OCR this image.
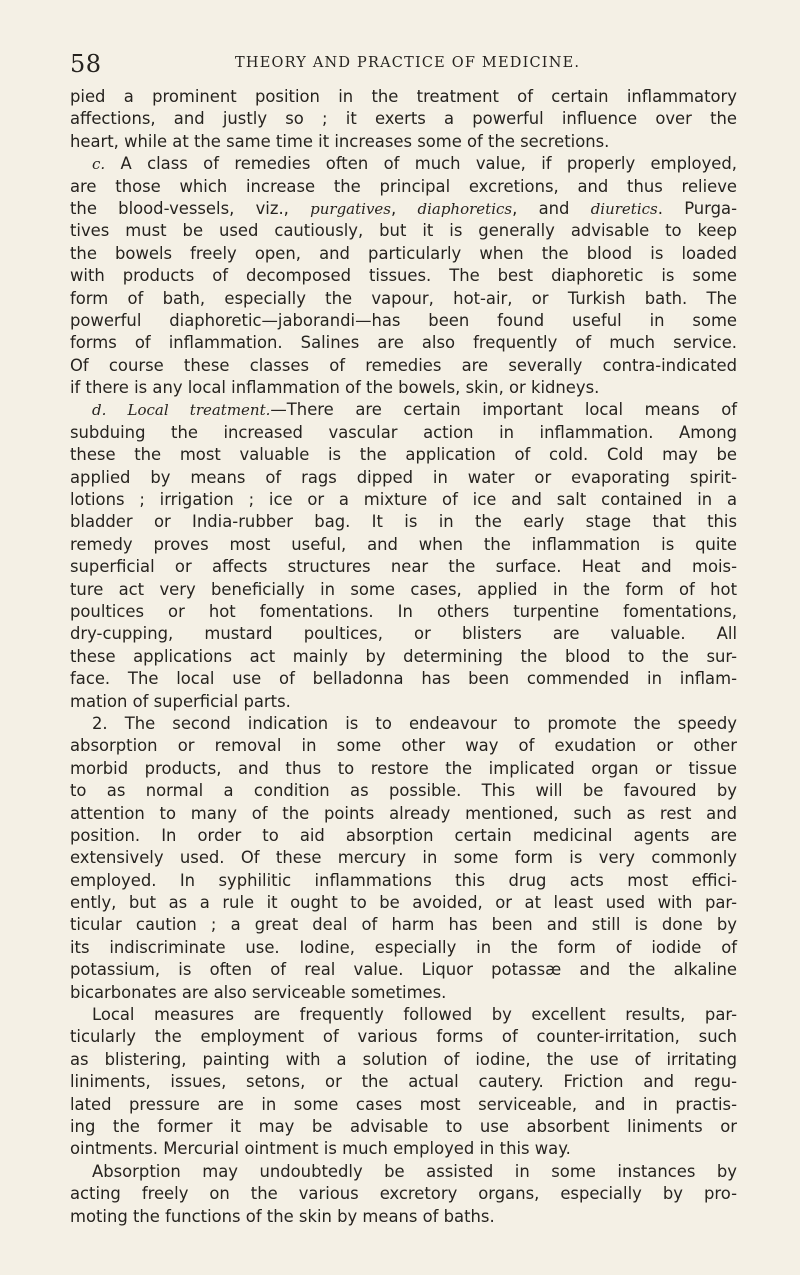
58	THEORY AND PRACTICE OF MEDICINE.
pied a prominent position in the treatment of certain inflammatory
affections, and justly so ; it exerts a powerful influence over the
heart, while at the same time it increases some of the secretions.
c. A class of remedies often of much value, if properly employed,
are those which increase the principal excretions, and thus relieve
the blood-vessels, viz., purgatives, diaphoretics, and diuretics. Purga-
tives must be used cautiously, but it is generally advisable to keep
the bowels freely open, and particularly when the blood is loaded
with products of decomposed tissues. The best diaphoretic is some
form of bath, especially the vapour, hot-air, or Turkish bath. The
powerful diaphoretic—jaborandi—has been found useful in some
forms of inflammation. Salines are also frequently of much service.
Of course these classes of remedies are severally contra-indicated
if there is any local inflammation of the bowels, skin, or kidneys.
d. Local treatment.—There are certain important local means of
subduing the increased vascular action in inflammation. Among
these the most valuable is the application of cold. Cold may be
applied by means of rags dipped in water or evaporating spirit-
lotions ; irrigation ; ice or a mixture of ice and salt contained in a
bladder or India-rubber bag. It is in the early stage that this
remedy proves most useful, and when the inflammation is quite
superficial or affects structures near the surface. Heat and mois-
ture act very beneficially in some cases, applied in the form of hot
poultices or hot fomentations. In others turpentine fomentations,
dry-cupping, mustard poultices, or blisters are valuable. All
these applications act mainly by determining the blood to the sur-
face. The local use of belladonna has been commended in inflam-
mation of superficial parts.
2. The second indication is to endeavour to promote the speedy
absorption or removal in some other way of exudation or other
morbid products, and thus to restore the implicated organ or tissue
to as normal a condition as possible. This will be favoured by
attention to many of the points already mentioned, such as rest and
position. In order to aid absorption certain medicinal agents are
extensively used. Of these mercury in some form is very commonly
employed. In syphilitic inflammations this drug acts most effici-
ently, but as a rule it ought to be avoided, or at least used with par-
ticular caution ; a great deal of harm has been and still is done by
its indiscriminate use. Iodine, especially in the form of iodide of
potassium, is often of real value. Liquor potassæ and the alkaline
bicarbonates are also serviceable sometimes.
Local measures are frequently followed by excellent results, par-
ticularly the employment of various forms of counter-irritation, such
as blistering, painting with a solution of iodine, the use of irritating
liniments, issues, setons, or the actual cautery. Friction and regu-
lated pressure are in some cases most serviceable, and in practis-
ing the former it may be advisable to use absorbent liniments or
ointments. Mercurial ointment is much employed in this way.
Absorption may undoubtedly be assisted in some instances by
acting freely on the various excretory organs, especially by pro-
moting the functions of the skin by means of baths.
